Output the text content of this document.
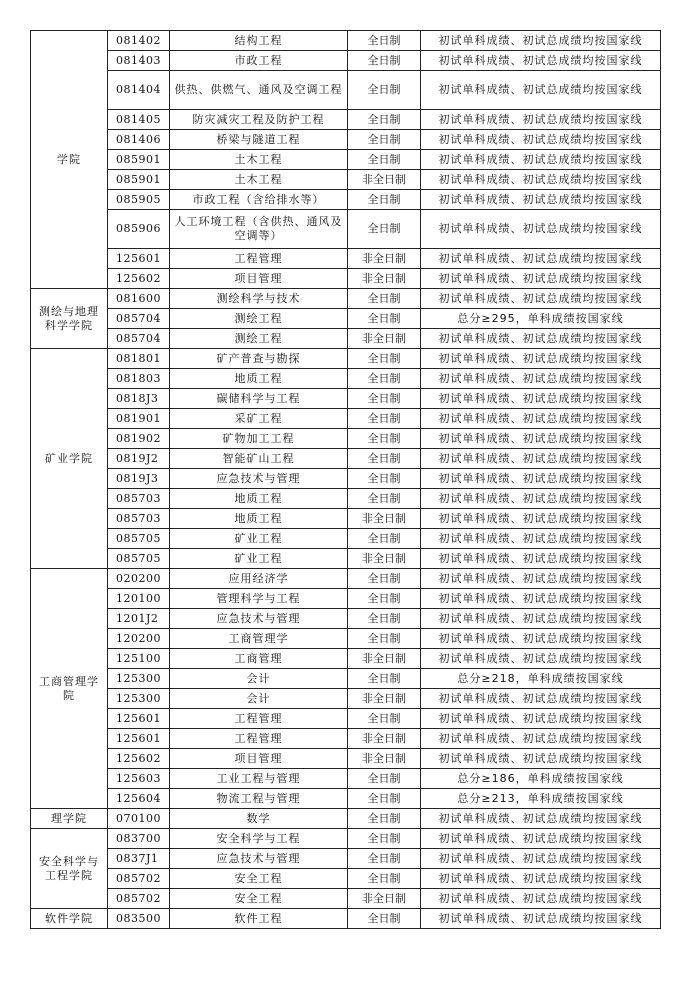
学院	081402	结构工程	全日制	初试单科成绩、初试总成绩均按国家线
	081403	市政工程	全日制	初试单科成绩、初试总成绩均按国家线
	081404	供热、供燃气、通风及空调工程	全日制	初试单科成绩、初试总成绩均按国家线
	081405	防灾减灾工程及防护工程	全日制	初试单科成绩、初试总成绩均按国家线
	081406	桥梁与隧道工程	全日制	初试单科成绩、初试总成绩均按国家线
	085901	土木工程	全日制	初试单科成绩、初试总成绩均按国家线
	085901	土木工程	非全日制	初试单科成绩、初试总成绩均按国家线
	085905	市政工程（含给排水等）	全日制	初试单科成绩、初试总成绩均按国家线
	085906	人工环境工程（含供热、通风及空调等）	全日制	初试单科成绩、初试总成绩均按国家线
	125601	工程管理	非全日制	初试单科成绩、初试总成绩均按国家线
	125602	项目管理	非全日制	初试单科成绩、初试总成绩均按国家线
测绘与地理科学学院	081600	测绘科学与技术	全日制	初试单科成绩、初试总成绩均按国家线
	085704	测绘工程	全日制	总分≥295，单科成绩按国家线
	085704	测绘工程	非全日制	初试单科成绩、初试总成绩均按国家线
矿业学院	081801	矿产普查与勘探	全日制	初试单科成绩、初试总成绩均按国家线
	081803	地质工程	全日制	初试单科成绩、初试总成绩均按国家线
	0818J3	碳储科学与工程	全日制	初试单科成绩、初试总成绩均按国家线
	081901	采矿工程	全日制	初试单科成绩、初试总成绩均按国家线
	081902	矿物加工工程	全日制	初试单科成绩、初试总成绩均按国家线
	0819J2	智能矿山工程	全日制	初试单科成绩、初试总成绩均按国家线
	0819J3	应急技术与管理	全日制	初试单科成绩、初试总成绩均按国家线
	085703	地质工程	全日制	初试单科成绩、初试总成绩均按国家线
	085703	地质工程	非全日制	初试单科成绩、初试总成绩均按国家线
	085705	矿业工程	全日制	初试单科成绩、初试总成绩均按国家线
	085705	矿业工程	非全日制	初试单科成绩、初试总成绩均按国家线
工商管理学院	020200	应用经济学	全日制	初试单科成绩、初试总成绩均按国家线
	120100	管理科学与工程	全日制	初试单科成绩、初试总成绩均按国家线
	1201J2	应急技术与管理	全日制	初试单科成绩、初试总成绩均按国家线
	120200	工商管理学	全日制	初试单科成绩、初试总成绩均按国家线
	125100	工商管理	非全日制	初试单科成绩、初试总成绩均按国家线
	125300	会计	全日制	总分≥218，单科成绩按国家线
	125300	会计	非全日制	初试单科成绩、初试总成绩均按国家线
	125601	工程管理	全日制	初试单科成绩、初试总成绩均按国家线
	125601	工程管理	非全日制	初试单科成绩、初试总成绩均按国家线
	125602	项目管理	非全日制	初试单科成绩、初试总成绩均按国家线
	125603	工业工程与管理	全日制	总分≥186，单科成绩按国家线
	125604	物流工程与管理	全日制	总分≥213，单科成绩按国家线
理学院	070100	数学	全日制	初试单科成绩、初试总成绩均按国家线
安全科学与工程学院	083700	安全科学与工程	全日制	初试单科成绩、初试总成绩均按国家线
	0837J1	应急技术与管理	全日制	初试单科成绩、初试总成绩均按国家线
	085702	安全工程	全日制	初试单科成绩、初试总成绩均按国家线
	085702	安全工程	非全日制	初试单科成绩、初试总成绩均按国家线
软件学院	083500	软件工程	全日制	初试单科成绩、初试总成绩均按国家线
